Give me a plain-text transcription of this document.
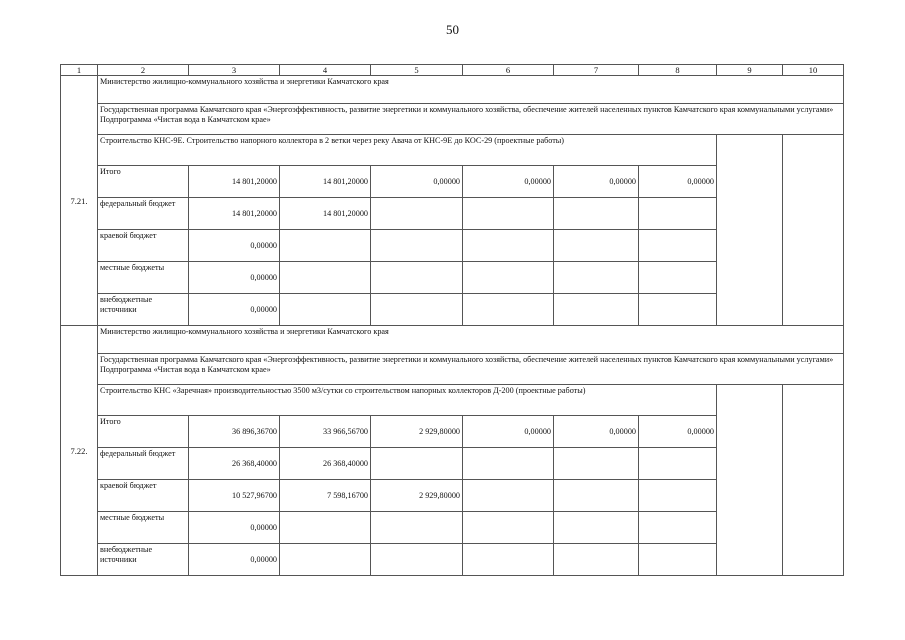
50
1	2	3	4	5	6	7	8	9	10
7.21.	Министерство жилищно-коммунального хозяйства и энергетики Камчатского края								
	Государственная программа Камчатского края «Энергоэффективность, развитие энергетики и коммунального хозяйства, обеспечение жителей населенных пунктов Камчатского края коммунальными услугами» Подпрограмма «Чистая вода в Камчатском крае»								
	Строительство КНС-9Е. Строительство напорного коллектора в 2 ветки через реку Авача от КНС-9Е до КОС-29 (проектные работы)								
	Итого	14 801,20000	14 801,20000	0,00000	0,00000	0,00000	0,00000		
	федеральный бюджет	14 801,20000	14 801,20000						
	краевой бюджет	0,00000							
	местные бюджеты	0,00000							
	внебюджетные источники	0,00000							
7.22.	Министерство жилищно-коммунального хозяйства и энергетики Камчатского края								
	Государственная программа Камчатского края «Энергоэффективность, развитие энергетики и коммунального хозяйства, обеспечение жителей населенных пунктов Камчатского края коммунальными услугами» Подпрограмма «Чистая вода в Камчатском крае»								
	Строительство КНС «Заречная» производительностью 3500 м3/сутки со строительством напорных коллекторов Д-200 (проектные работы)								
	Итого	36 896,36700	33 966,56700	2 929,80000	0,00000	0,00000	0,00000		
	федеральный бюджет	26 368,40000	26 368,40000						
	краевой бюджет	10 527,96700	7 598,16700	2 929,80000					
	местные бюджеты	0,00000							
	внебюджетные источники	0,00000							
